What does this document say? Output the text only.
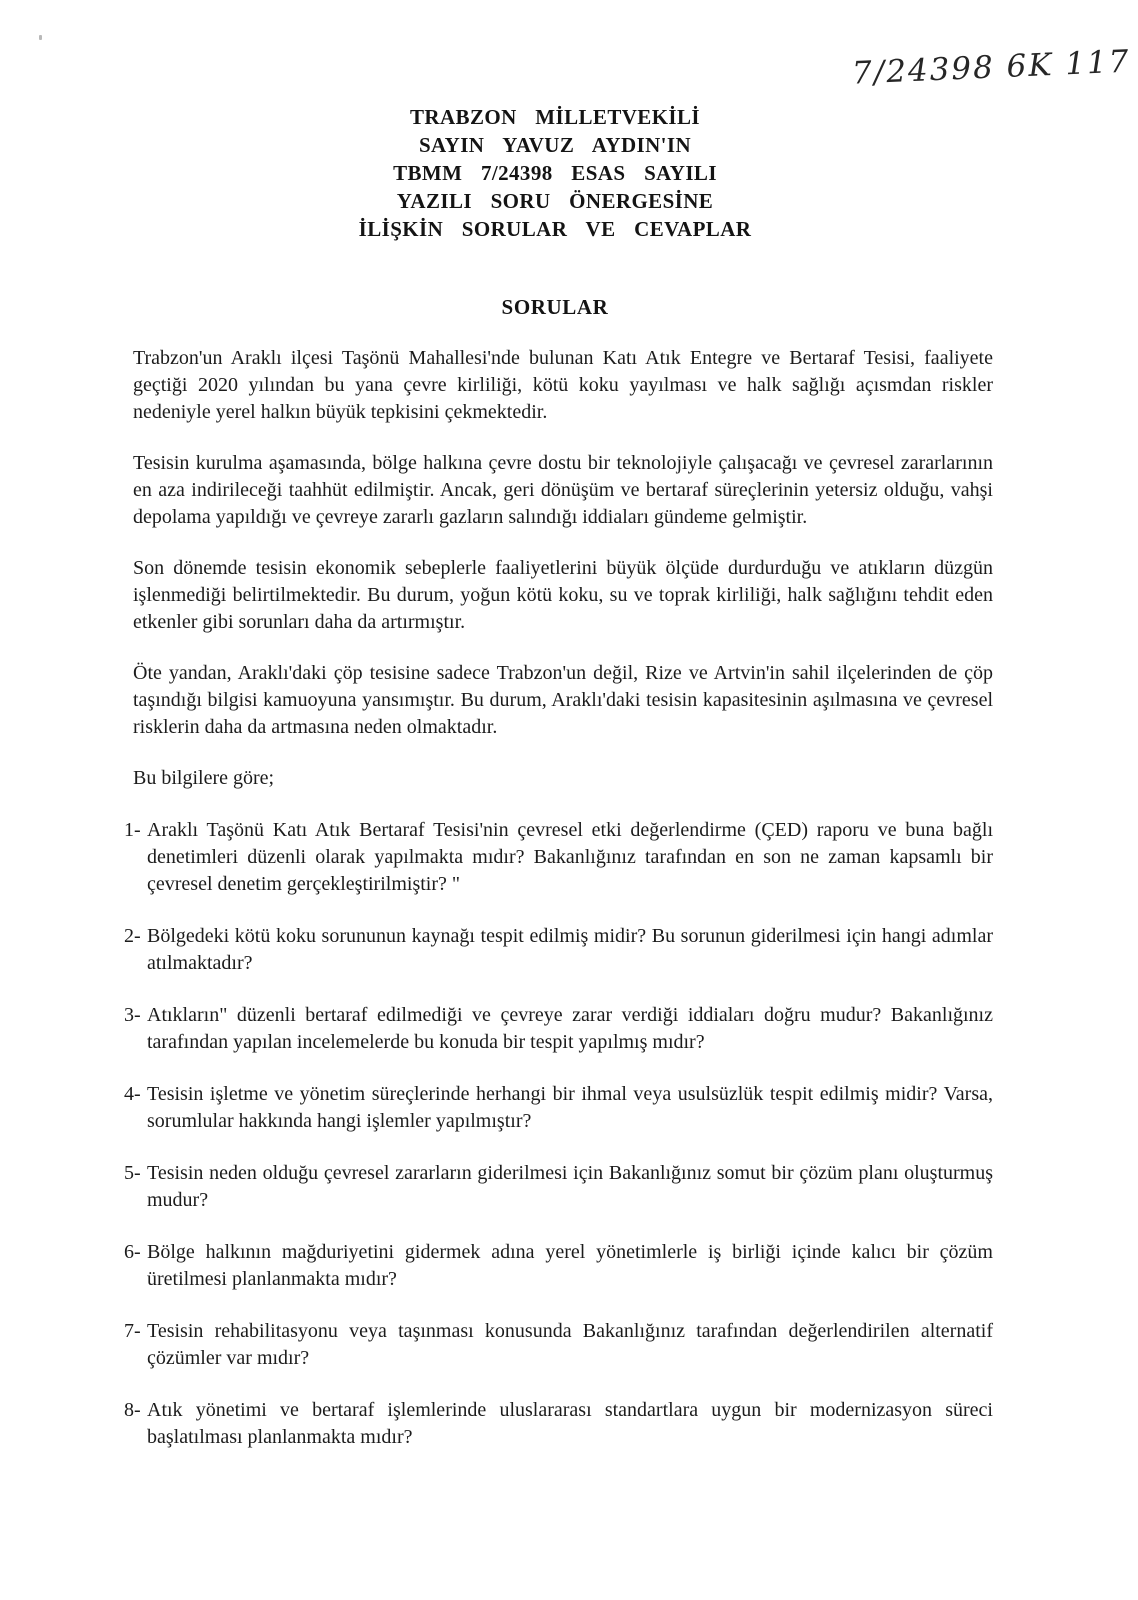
7/24398 6K 117
TRABZON MİLLETVEKİLİ
SAYIN YAVUZ AYDIN'IN
TBMM 7/24398 ESAS SAYILI
YAZILI SORU ÖNERGESİNE
İLİŞKİN SORULAR VE CEVAPLAR
SORULAR

Trabzon'un Araklı ilçesi Taşönü Mahallesi'nde bulunan Katı Atık Entegre ve Bertaraf Tesisi, faaliyete geçtiği 2020 yılından bu yana çevre kirliliği, kötü koku yayılması ve halk sağlığı açısmdan riskler nedeniyle yerel halkın büyük tepkisini çekmektedir.

Tesisin kurulma aşamasında, bölge halkına çevre dostu bir teknolojiyle çalışacağı ve çevresel zararlarının en aza indirileceği taahhüt edilmiştir. Ancak, geri dönüşüm ve bertaraf süreçlerinin yetersiz olduğu, vahşi depolama yapıldığı ve çevreye zararlı gazların salındığı iddiaları gündeme gelmiştir.

Son dönemde tesisin ekonomik sebeplerle faaliyetlerini büyük ölçüde durdurduğu ve atıkların düzgün işlenmediği belirtilmektedir. Bu durum, yoğun kötü koku, su ve toprak kirliliği, halk sağlığını tehdit eden etkenler gibi sorunları daha da artırmıştır.

Öte yandan, Araklı'daki çöp tesisine sadece Trabzon'un değil, Rize ve Artvin'in sahil ilçelerinden de çöp taşındığı bilgisi kamuoyuna yansımıştır. Bu durum, Araklı'daki tesisin kapasitesinin aşılmasına ve çevresel risklerin daha da artmasına neden olmaktadır.

Bu bilgilere göre;

1- Araklı Taşönü Katı Atık Bertaraf Tesisi'nin çevresel etki değerlendirme (ÇED) raporu ve buna bağlı denetimleri düzenli olarak yapılmakta mıdır? Bakanlığınız tarafından en son ne zaman kapsamlı bir çevresel denetim gerçekleştirilmiştir? "
2- Bölgedeki kötü koku sorununun kaynağı tespit edilmiş midir? Bu sorunun giderilmesi için hangi adımlar atılmaktadır?
3- Atıkların" düzenli bertaraf edilmediği ve çevreye zarar verdiği iddiaları doğru mudur? Bakanlığınız tarafından yapılan incelemelerde bu konuda bir tespit yapılmış mıdır?
4- Tesisin işletme ve yönetim süreçlerinde herhangi bir ihmal veya usulsüzlük tespit edilmiş midir? Varsa, sorumlular hakkında hangi işlemler yapılmıştır?
5- Tesisin neden olduğu çevresel zararların giderilmesi için Bakanlığınız somut bir çözüm planı oluşturmuş mudur?
6- Bölge halkının mağduriyetini gidermek adına yerel yönetimlerle iş birliği içinde kalıcı bir çözüm üretilmesi planlanmakta mıdır?
7- Tesisin rehabilitasyonu veya taşınması konusunda Bakanlığınız tarafından değerlendirilen alternatif çözümler var mıdır?
8- Atık yönetimi ve bertaraf işlemlerinde uluslararası standartlara uygun bir modernizasyon süreci başlatılması planlanmakta mıdır?
